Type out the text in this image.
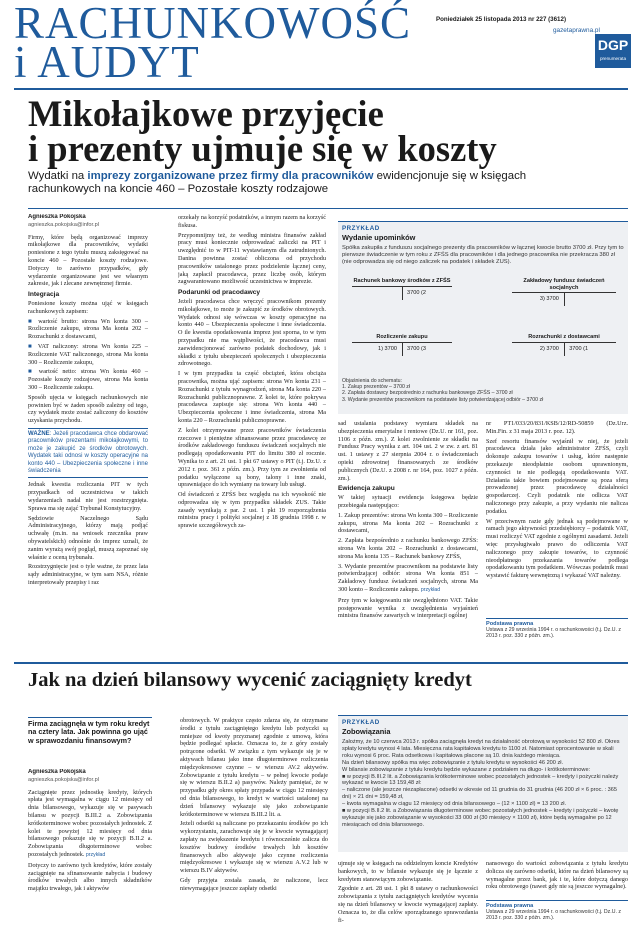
RACHUNKOWOŚĆ
i AUDYT
Poniedziałek 25 listopada 2013 nr 227 (3612)
gazetaprawna.pl
DGP
prenumerata
Mikołajkowe przyjęcie
i prezenty ujmuje się w koszty
Wydatki na imprezy zorganizowane przez firmy dla pracowników ewidencjonuje się w księgach rachunkowych na koncie 460 – Pozostałe koszty rodzajowe
Agnieszka Pokojska
agnieszka.pokojska@infor.pl

Firmy, które będą organizować imprezy mikołajkowe dla pracowników, wydatki poniesione z tego tytułu muszą zaksięgować na koncie 460 – Pozostałe koszty rodzajowe. Dotyczy to zarówno przypadków, gdy wydarzenie organizowane jest we własnym zakresie, jak i zlecane zewnętrznej firmie.

Integracja

Poniesione koszty można ująć w księgach rachunkowych zapisem:

■ wartość brutto: strona Wn konta 300 – Rozliczenie zakupu, strona Ma konta 202 – Rozrachunki z dostawcami,

■ VAT naliczony: strona Wn konta 225 – Rozliczenie VAT naliczonego, strona Ma konta 300 – Rozliczenie zakupu,

■ wartość netto: strona Wn konta 460 – Pozostałe koszty rodzajowe, strona Ma konta 300 – Rozliczenie zakupu.

Sposób ujęcia w księgach rachunkowych nie powinien być w żaden sposób zależny od tego, czy wydatek może zostać zaliczony do kosztów uzyskania przychodu.

WAŻNE: Jeżeli pracodawca chce obdarować pracowników prezentami mikołajkowymi, to może je zakupić ze środków obrotowych. Wydatek taki odnosi w koszty operacyjne na konto 440 – Ubezpieczenia społeczne i inne świadczenia

Jednak kwestia rozliczania PIT w tych przypadkach od uczestnictwa w takich wydarzeniach nadal nie jest rozstrzygnięta. Sprawa ma się zająć Trybunał Konstytucyjny.

Sędziowie Naczelnego Sądu Administracyjnego, którzy mają podjąć uchwałę (m.in. na wniosek rzecznika praw obywatelskich) odnośnie do imprez uznali, że zanim wyrażą swój pogląd, muszą zapoznać się właśnie z oceną trybunału.

Rozstrzygnięcie jest o tyle ważne, że przez lata sądy administracyjne, w tym sam NSA, różnie interpretowały przepisy i raz

orzekały na korzyść podatników, a innym razem na korzyść fiskusa.

Przypomnijmy też, że według ministra finansów zakład pracy musi koniecznie odprowadzać zaliczki na PIT i uwzględnić to w PIT-11 wystawianym dla zatrudnionych. Danina powinna zostać obliczona od przychodu pracowników ustalonego przez podzielenie łącznej ceny, jaką zapłacił pracodawca, przez liczbę osób, którym zagwarantowano możliwość uczestnictwa w imprezie.

Podarunki od pracodawcy

Jeżeli pracodawca chce wręczyć pracownikom prezenty mikołajkowe, to może je zakupić ze środków obrotowych. Wydatek odnosi się wówczas w koszty operacyjne na konto 440 – Ubezpieczenia społeczne i inne świadczenia. O ile kwestia opodatkowania imprez jest sporna, to w tym przypadku nie ma wątpliwości, że pracodawca musi zaewidencjonować zarówno podatek dochodowy, jak i składki z tytułu ubezpieczeń społecznych i ubezpieczenia zdrowotnego.

I w tym przypadku ta część obciążeń, która obciąża pracownika, można ująć zapisem: strona Wn konta 231 – Rozrachunki z tytułu wynagrodzeń, strona Ma konta 220 – Rozrachunki publicznoprawne. Z kolei te, które pokrywa pracodawca zapisuje się: strona Wn konta 440 – Ubezpieczenia społeczne i inne świadczenia, strona Ma konta 220 – Rozrachunki publicznoprawne.

Z kolei otrzymywane przez pracowników świadczenia rzeczowe i pieniężne sfinansowane przez pracodawcę ze środków zakładowego funduszu świadczeń socjalnych nie podlegają opodatkowaniu PIT do limitu 380 zł rocznie. Wynika to z art. 21 ust. 1 pkt 67 ustawy o PIT (t.j. Dz.U. z 2012 r. poz. 361 z późn. zm.). Przy tym ze zwolnienia od podatku wyłączone są bony, talony i inne znaki, uprawniające do ich wymiany na towary lub usługi.

Od świadczeń z ZFŚS bez względu na ich wysokość nie odprowadza się w tym przypadku składek ZUS. Takie zasady wynikają z par. 2 ust. 1 pkt 19 rozporządzenia ministra pracy i polityki socjalnej z 18 grudnia 1998 r. w sprawie szczegółowych za-

PRZYKŁAD
Wydanie upominków
Spółka zakupiła z funduszu socjalnego prezenty dla pracowników w łącznej kwocie brutto 3700 zł. Przy tym to pierwsze świadczenie w tym roku z ZFŚS dla pracowników i dla jednego pracownika nie przekracza 380 zł (nie odprowadza się od niego zaliczek na podatek i składek ZUS).
Rachunek bankowy środków z ZFŚS
3700 (2
Zakładowy fundusz świadczeń socjalnych
3) 3700
Rozliczenie zakupu
1) 3700 3700 (3
Rozrachunki z dostawcami
2) 3700 3700 (1
Objaśnienia do schematu:
1. Zakup prezentów – 3700 zł
2. Zapłata dostawcy bezpośrednio z rachunku bankowego ZFŚS – 3700 zł
3. Wydanie prezentów pracownikom na podstawie listy potwierdzającej odbiór – 3700 zł

sad ustalania podstawy wymiaru składek na ubezpieczenia emerytalne i rentowe (Dz.U. nr 161, poz. 1106 z późn. zm.). Z kolei zwolnienie ze składki na Fundusz Pracy wynika z art. 104 ust. 2 w zw. z art. 81 ust. 1 ustawy z 27 sierpnia 2004 r. o świadczeniach opieki zdrowotnej finansowanych ze środków publicznych (Dz.U. z 2008 r. nr 164, poz. 1027 z późn. zm.).

Ewidencja zakupu

W takiej sytuacji ewidencja księgowa będzie przebiegała następująco:

1. Zakup prezentów: strona Wn konta 300 – Rozliczenie zakupu, strona Ma konta 202 – Rozrachunki z dostawcami,

2. Zapłata bezpośrednio z rachunku bankowego ZFŚS: strona Wn konta 202 – Rozrachunki z dostawcami, strona Ma konta 135 – Rachunek bankowy ZFŚS,

3. Wydanie prezentów pracownikom na podstawie listy potwierdzającej odbiór: strona Wn konta 851 – Zakładowy fundusz świadczeń socjalnych, strona Ma 300 konto – Rozliczenie zakupu. przykład

Przy tym w księgowaniu nie uwzględniono VAT. Takie postępowanie wynika z uwzględnienia wyjaśnień ministra finansów zawartych w interpretacji ogólnej

nr PT1/033/20/831/KSB/12/RD-50859 (Dz.Urz. Min.Fin. z 31 maja 2013 r. poz. 12).

Szef resortu finansów wyjaśnił w niej, że jeżeli pracodawca działa jako administrator ZFŚS, czyli dokonuje zakupu towarów i usług, które następnie przekazuje nieodpłatnie osobom uprawnionym, czynności te nie podlegają opodatkowaniu VAT. Działania takie bowiem podejmowane są poza sferą prowadzonej przez pracodawcę działalności gospodarczej. Czyli podatnik nie odlicza VAT naliczonego przy zakupie, a przy wydaniu nie nalicza podatku.

W przeciwnym razie gdy jednak są podejmowane w ramach jego aktywności przedsiębiorcy – podatnik VAT, musi rozliczyć VAT zgodnie z ogólnymi zasadami. Jeżeli więc przysługiwało prawo do odliczenia VAT naliczonego przy zakupie towarów, to czynność nieodpłatnego przekazania towarów podlega opodatkowaniu tym podatkiem. Wówczas podatnik musi wystawić fakturę wewnętrzną i wykazać VAT należny.

Podstawa prawna
Ustawa z 29 września 1994 r. o rachunkowości (t.j. Dz.U. z 2013 r. poz. 330 z późn. zm.).
Jak na dzień bilansowy wycenić zaciągnięty kredyt
Firma zaciągnęła w tym roku kredyt na cztery lata. Jak powinna go ująć w sprawozdaniu finansowym?
Agnieszka Pokojska
agnieszka.pokojska@infor.pl

Zaciągnięte przez jednostkę kredyty, których spłata jest wymagalna w ciągu 12 miesięcy od dnia bilansowego, wykazuje się w pasywach bilansu w pozycji B.III.2 a. Zobowiązania krótkoterminowe wobec pozostałych jednostek. Z kolei te powyżej 12 miesięcy od dnia bilansowego pokazuje się w pozycji B.II.2 a. Zobowiązania długoterminowe wobec pozostałych jednostek. przykład

Dotyczy to zarówno tych kredytów, które zostały zaciągnięte na sfinansowanie nabycia i budowy środków trwałych albo innych składników majątku trwałego, jak i aktywów

obrotowych. W praktyce często zdarza się, że otrzymane środki z tytułu zaciągniętego kredytu lub pożyczki są mniejsze od kwoty przyznanej zgodnie z umową, która będzie podlegać spłacie. Oznacza to, że z góry zostały potrącone odsetki. W związku z tym wykazuje się je w aktywach bilansu jako inne długoterminowe rozliczenia międzyokresowe czynne – w wierszu AV.2 aktywów. Zobowiązanie z tytułu kredytu – w pełnej kwocie podaje się w wierszu B.II.2 a) pasywów. Należy pamiętać, że w przypadku gdy okres spłaty przypada w ciągu 12 miesięcy od dnia bilansowego, to kredyt w wartości ustalonej na dzień bilansowy wykazuje się jako zobowiązanie krótkoterminowe w wierszu B.III.2 lit. a.

Jeżeli odsetki są naliczane po przekazaniu środków po ich wykorzystaniu, zarachowuje się je w kwocie wymagającej zapłaty na zwiększenie kredytu i równocześnie zalicza do kosztów budowy środków trwałych lub kosztów finansowych albo aktywuje jako czynne rozliczenia międzyokresowe i wykazuje się w wierszu A.V.2 lub w wierszu B.IV aktywów.

Gdy przyjęta została zasada, że naliczone, lecz niewymagające jeszcze zapłaty odsetki

PRZYKŁAD
Zobowiązania
Założmy, że 10 czerwca 2013 r. spółka zaciągnęła kredyt na działalność obrotową w wysokości 52 800 zł. Okres spłaty kredytu wynosi 4 lata. Miesięczna rata kapitałowa kredytu to 1100 zł. Natomiast oprocentowanie w skali roku wynosi 6 proc. Rata odsetkowa i kapitałowa płacone są 10. dnia każdego miesiąca.
Na dzień bilansowy spółka ma więc zobowiązanie z tytułu kredytu w wysokości 46 200 zł.
W bilansie zobowiązanie z tytułu kredytu będzie wykazane z podziałem na długo- i krótkoterminowe:
■ w pozycji B.III.2 lit. a Zobowiązania krótkoterminowe wobec pozostałych jednostek – kredyty i pożyczki należy wykazać w kwocie 13 159,48 zł:
– naliczone (ale jeszcze niezapłacone) odsetki w okresie od 11 grudnia do 31 grudnia (46 200 zł × 6 proc. : 365 dni) × 21 dni = 159,48 zł,
– kwota wymagalna w ciągu 12 miesięcy od dnia bilansowego – (12 × 1100 zł) = 13 200 zł.
■ w pozycji B.II.2 lit. a Zobowiązania długoterminowe wobec pozostałych jednostek – kredyty i pożyczki – kwotę wykazuje się jako zobowiązanie w wysokości 33 000 zł (30 miesięcy × 1100 zł), które będą wymagalne po 12 miesiącach od dnia bilansowego.

ujmuje się w księgach na oddzielnym koncie Kredytów bankowych, to w bilansie wykazuje się je łącznie z kredytem stanowiącym zobowiązanie.

Zgodnie z art. 28 ust. 1 pkt 8 ustawy o rachunkowości zobowiązania z tytułu zaciągniętych kredytów wycenia się na dzień bilansowy w kwocie wymagającej zapłaty. Oznacza to, że dla celów sporządzanego sprawozdania fi-

nansowego do wartości zobowiązania z tytułu kredytu dolicza się zarówno odsetki, które na dzień bilansowy są wymagalne przez bank, jak i te, które dotyczą danego roku obrotowego (nawet gdy nie są jeszcze wymagalne).

Podstawa prawna
Ustawa z 29 września 1994 r. o rachunkowości (t.j. Dz.U. z 2013 r. poz. 330 z późn. zm.).
